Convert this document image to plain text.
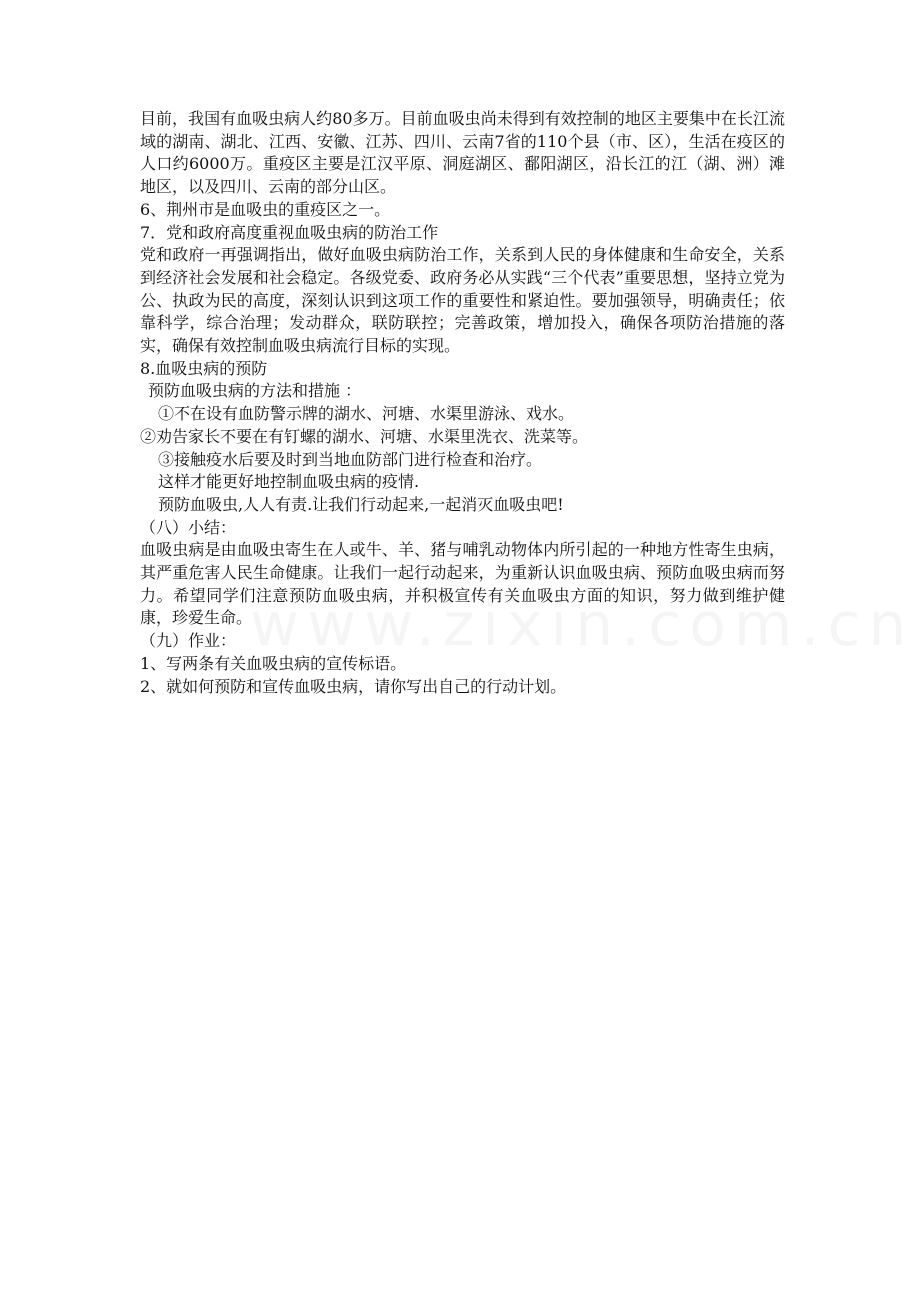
目前，我国有血吸虫病人约80多万。目前血吸虫尚未得到有效控制的地区主要集中在长江流域的湖南、湖北、江西、安徽、江苏、四川、云南7省的110个县（市、区），生活在疫区的人口约6000万。重疫区主要是江汉平原、洞庭湖区、鄱阳湖区，沿长江的江（湖、洲）滩地区，以及四川、云南的部分山区。

6、荆州市是血吸虫的重疫区之一。

7．党和政府高度重视血吸虫病的防治工作

党和政府一再强调指出，做好血吸虫病防治工作，关系到人民的身体健康和生命安全，关系到经济社会发展和社会稳定。各级党委、政府务必从实践“三个代表”重要思想，坚持立党为公、执政为民的高度，深刻认识到这项工作的重要性和紧迫性。要加强领导，明确责任；依靠科学，综合治理；发动群众，联防联控；完善政策，增加投入，确保各项防治措施的落实，确保有效控制血吸虫病流行目标的实现。

8.血吸虫病的预防

预防血吸虫病的方法和措施 ：

①不在设有血防警示牌的湖水、河塘、水渠里游泳、戏水。

②劝告家长不要在有钉螺的湖水、河塘、水渠里洗衣、洗菜等。

③接触疫水后要及时到当地血防部门进行检查和治疗。

这样才能更好地控制血吸虫病的疫情.

预防血吸虫,人人有责.让我们行动起来,一起消灭血吸虫吧!

（八）小结：

血吸虫病是由血吸虫寄生在人或牛、羊、猪与哺乳动物体内所引起的一种地方性寄生虫病，其严重危害人民生命健康。让我们一起行动起来，为重新认识血吸虫病、预防血吸虫病而努力。希望同学们注意预防血吸虫病，并积极宣传有关血吸虫方面的知识，努力做到维护健康，珍爱生命。

（九）作业：

1、写两条有关血吸虫病的宣传标语。

2、就如何预防和宣传血吸虫病，请你写出自己的行动计划。
